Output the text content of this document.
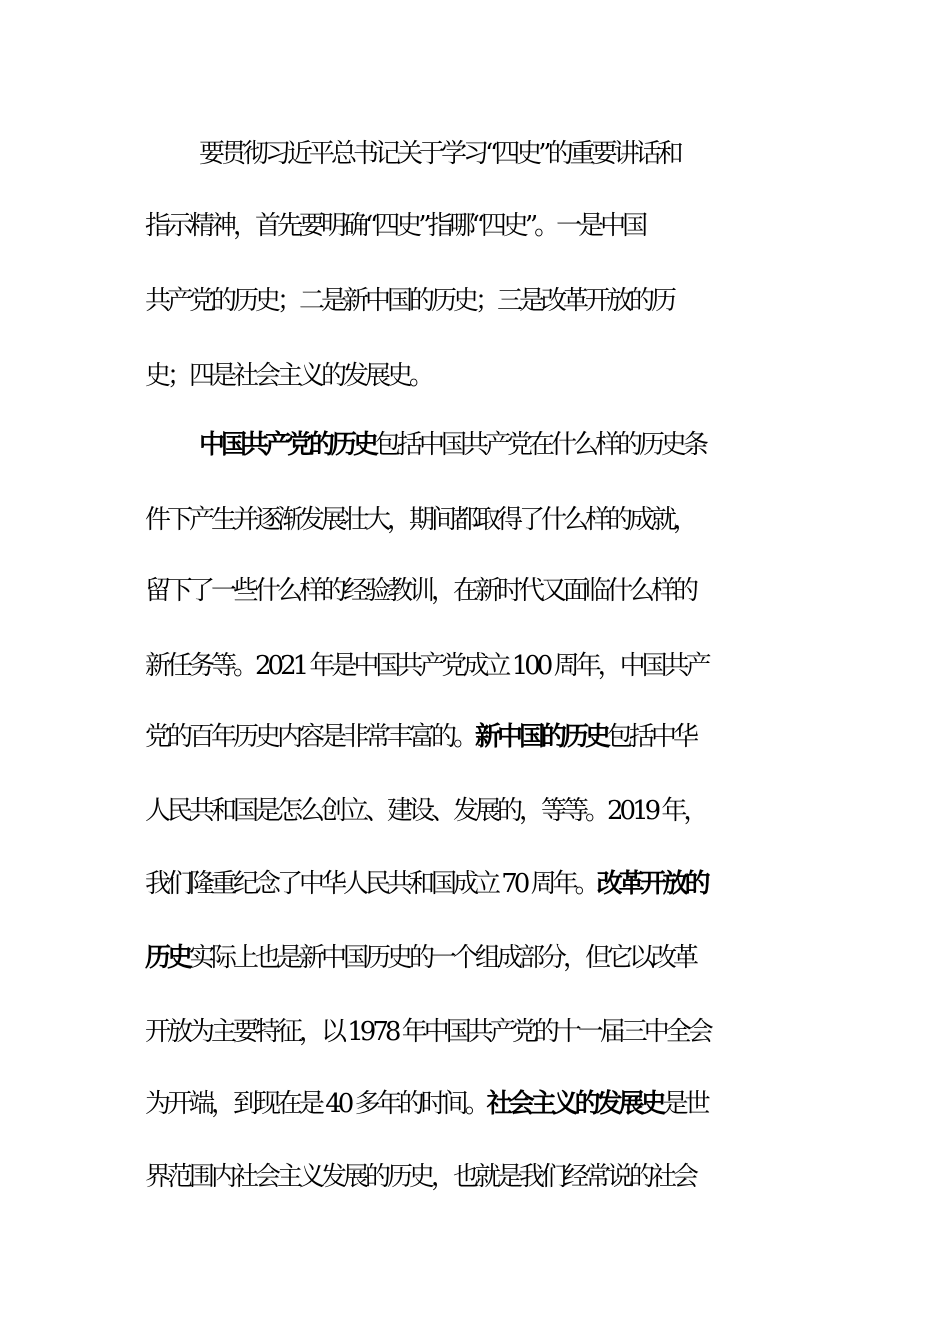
要贯彻习近平总书记关于学习“四史”的重要讲话和
指示精神，首先要明确“四史”指哪“四史”。一是中国
共产党的历史；二是新中国的历史；三是改革开放的历
史；四是社会主义的发展史。
中国共产党的历史包括中国共产党在什么样的历史条
件下产生并逐渐发展壮大，期间都取得了什么样的成就，
留下了一些什么样的经验教训，在新时代又面临什么样的
新任务等。2021 年是中国共产党成立 100 周年，中国共产
党的百年历史内容是非常丰富的。新中国的历史包括中华
人民共和国是怎么创立、建设、发展的，等等。2019 年，
我们隆重纪念了中华人民共和国成立 70 周年。改革开放的
历史实际上也是新中国历史的一个组成部分，但它以改革
开放为主要特征，以 1978 年中国共产党的十一届三中全会
为开端，到现在是 40 多年的时间。社会主义的发展史是世
界范围内社会主义发展的历史，也就是我们经常说的社会
